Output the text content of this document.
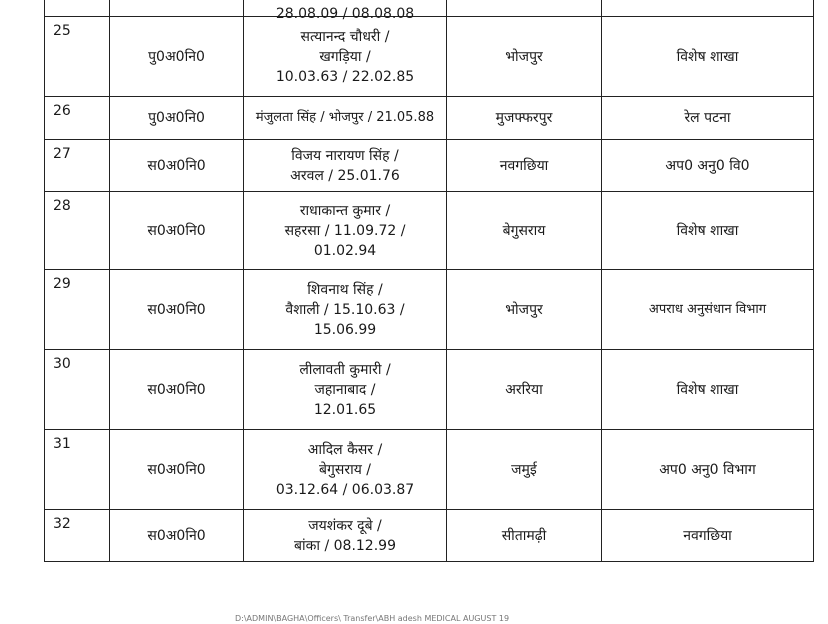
		28.08.09 / 08.08.08		

25	पु0अ0नि0	सत्यानन्द चौधरी /
खगड़िया /
10.03.63 / 22.02.85	भोजपुर	विशेष शाखा
26	पु0अ0नि0	मंजुलता सिंह / भोजपुर / 21.05.88	मुजफ्फरपुर	रेल पटना
27	स0अ0नि0	विजय नारायण सिंह /
अरवल / 25.01.76	नवगछिया	अप0 अनु0 वि0
28	स0अ0नि0	राधाकान्त कुमार /
सहरसा / 11.09.72 /
01.02.94	बेगुसराय	विशेष शाखा
29	स0अ0नि0	शिवनाथ सिंह /
वैशाली / 15.10.63 /
15.06.99	भोजपुर	अपराध अनुसंधान विभाग
30	स0अ0नि0	लीलावती कुमारी /
जहानाबाद /
12.01.65	अररिया	विशेष शाखा
31	स0अ0नि0	आदिल कैसर /
बेगुसराय /
03.12.64 / 06.03.87	जमुई	अप0 अनु0 विभाग
32	स0अ0नि0	जयशंकर दूबे /
बांका / 08.12.99	सीतामढ़ी	नवगछिया
D:\ADMIN\BAGHA\Officers\ Transfer\ABH adesh MEDICAL AUGUST 19
